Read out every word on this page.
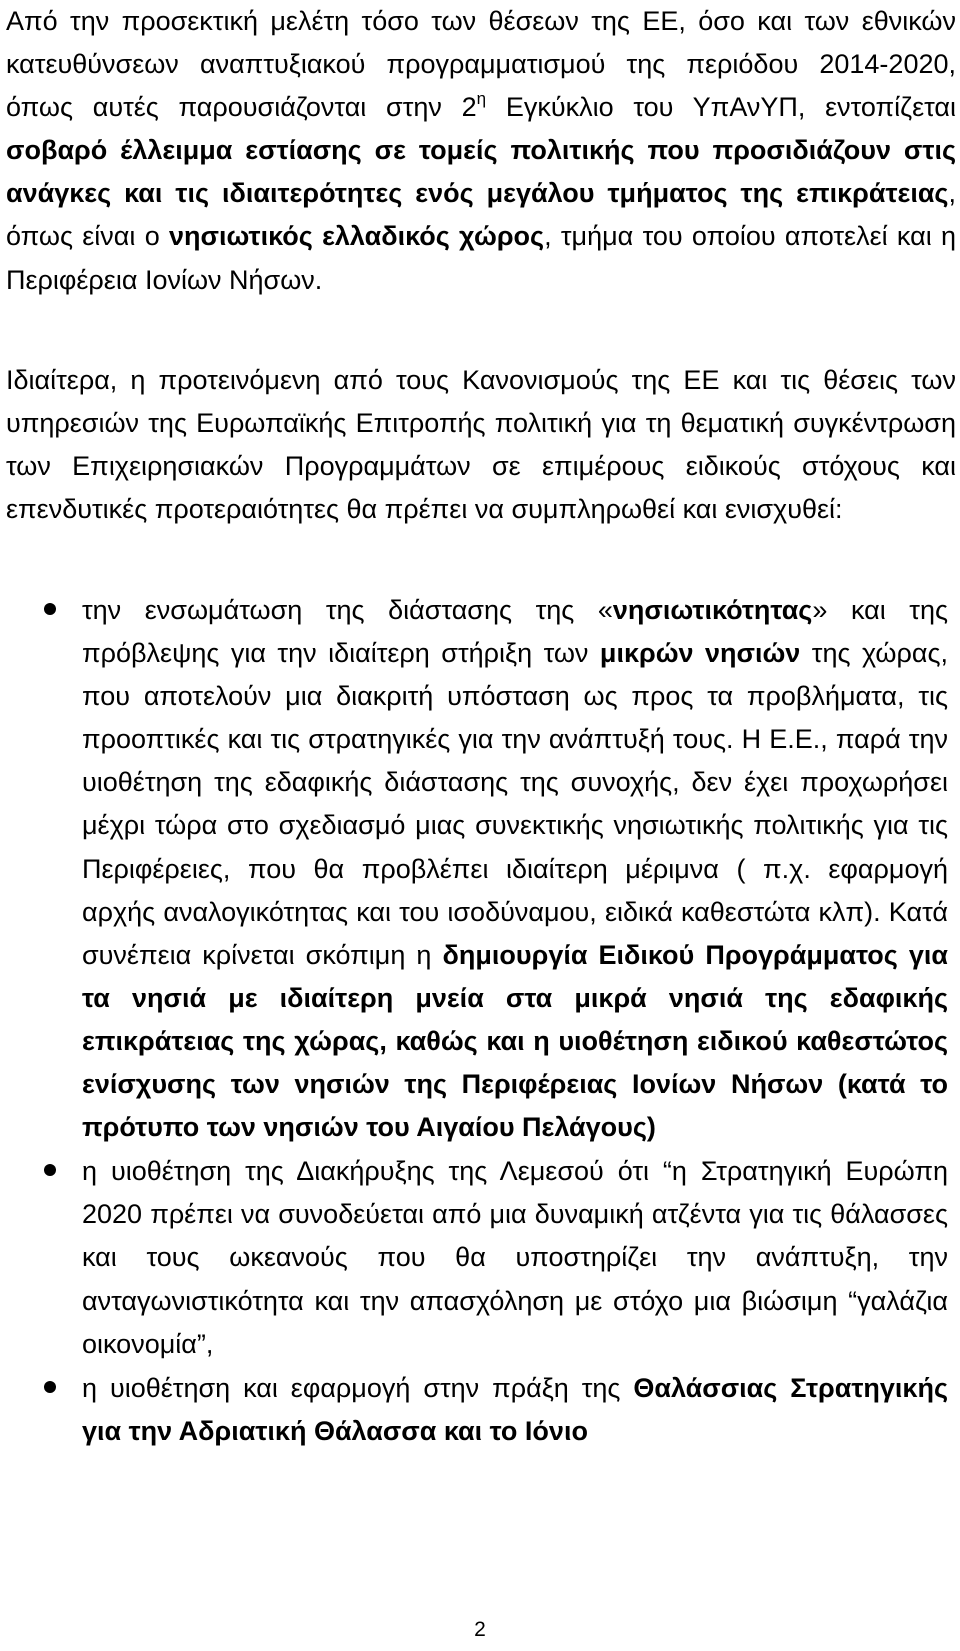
Από την προσεκτική μελέτη τόσο των θέσεων της ΕΕ, όσο και των εθνικών κατευθύνσεων αναπτυξιακού προγραμματισμού της περιόδου 2014-2020, όπως αυτές παρουσιάζονται στην $2^\eta$ Εγκύκλιο του ΥπΑνΥΠ, εντοπίζεται σοβαρό έλλειμμα εστίασης σε τομείς πολιτικής που προσιδιάζουν στις ανάγκες και τις ιδιαιτερότητες ενός μεγάλου τμήματος της επικράτειας, όπως είναι ο νησιωτικός ελλαδικός χώρος, τμήμα του οποίου αποτελεί και η Περιφέρεια Ιονίων Νήσων.

Ιδιαίτερα, η προτεινόμενη από τους Κανονισμούς της ΕΕ και τις θέσεις των υπηρεσιών της Ευρωπαϊκής Επιτροπής πολιτική για τη θεματική συγκέντρωση των Επιχειρησιακών Προγραμμάτων σε επιμέρους ειδικούς στόχους και επενδυτικές προτεραιότητες θα πρέπει να συμπληρωθεί και ενισχυθεί:

την ενσωμάτωση της διάστασης της «νησιωτικότητας» και της πρόβλεψης για την ιδιαίτερη στήριξη των μικρών νησιών της χώρας, που αποτελούν μια διακριτή υπόσταση ως προς τα προβλήματα, τις προοπτικές και τις στρατηγικές για την ανάπτυξή τους. Η Ε.Ε., παρά την υιοθέτηση της εδαφικής διάστασης της συνοχής, δεν έχει προχωρήσει μέχρι τώρα στο σχεδιασμό μιας συνεκτικής νησιωτικής πολιτικής για τις Περιφέρειες, που θα προβλέπει ιδιαίτερη μέριμνα ( π.χ. εφαρμογή αρχής αναλογικότητας και του ισοδύναμου, ειδικά καθεστώτα κλπ). Κατά συνέπεια κρίνεται σκόπιμη η δημιουργία Ειδικού Προγράμματος για τα νησιά με ιδιαίτερη μνεία στα μικρά νησιά της εδαφικής επικράτειας της χώρας, καθώς και η υιοθέτηση ειδικού καθεστώτος ενίσχυσης των νησιών της Περιφέρειας Ιονίων Νήσων (κατά το πρότυπο των νησιών του Αιγαίου Πελάγους)
η υιοθέτηση της Διακήρυξης της Λεμεσού ότι “η Στρατηγική Ευρώπη 2020 πρέπει να συνοδεύεται από μια δυναμική ατζέντα για τις θάλασσες και τους ωκεανούς που θα υποστηρίζει την ανάπτυξη, την ανταγωνιστικότητα και την απασχόληση με στόχο μια βιώσιμη “γαλάζια οικονομία”,
η υιοθέτηση και εφαρμογή στην πράξη της Θαλάσσιας Στρατηγικής για την Αδριατική Θάλασσα και το Ιόνιο
2
